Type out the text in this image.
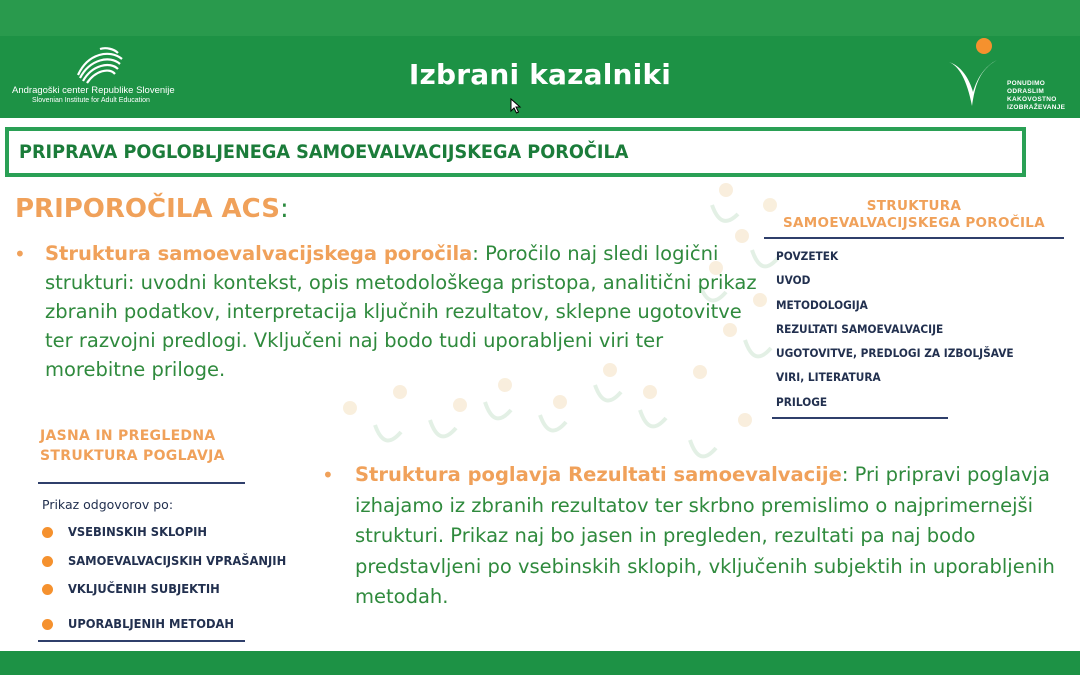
Andragoški center Republike Slovenije
Slovenian Institute for Adult Education
Izbrani kazalniki	PONUDIMO
ODRASLIM
KAKOVOSTNO
IZOBRAŽEVANJE
PRIPRAVA POGLOBLJENEGA SAMOEVALVACIJSKEGA POROČILA
PRIPOROČILA ACS:
• Struktura samoevalvacijskega poročila: Poročilo naj sledi logični strukturi: uvodni kontekst, opis metodološkega pristopa, analitični prikaz zbranih podatkov, interpretacija ključnih rezultatov, sklepne ugotovitve ter razvojni predlogi. Vključeni naj bodo tudi uporabljeni viri ter morebitne priloge.
STRUKTURA
SAMOEVALVACIJSKEGA POROČILA
POVZETEK
UVOD
METODOLOGIJA
REZULTATI SAMOEVALVACIJE
UGOTOVITVE, PREDLOGI ZA IZBOLJŠAVE
VIRI, LITERATURA
PRILOGE
JASNA IN PREGLEDNA
STRUKTURA POGLAVJA
Prikaz odgovorov po:
VSEBINSKIH SKLOPIH
SAMOEVALVACIJSKIH VPRAŠANJIH
VKLJUČENIH SUBJEKTIH
UPORABLJENIH METODAH
• Struktura poglavja Rezultati samoevalvacije: Pri pripravi poglavja izhajamo iz zbranih rezultatov ter skrbno premislimo o najprimernejši strukturi. Prikaz naj bo jasen in pregleden, rezultati pa naj bodo predstavljeni po vsebinskih sklopih, vključenih subjektih in uporabljenih metodah.
